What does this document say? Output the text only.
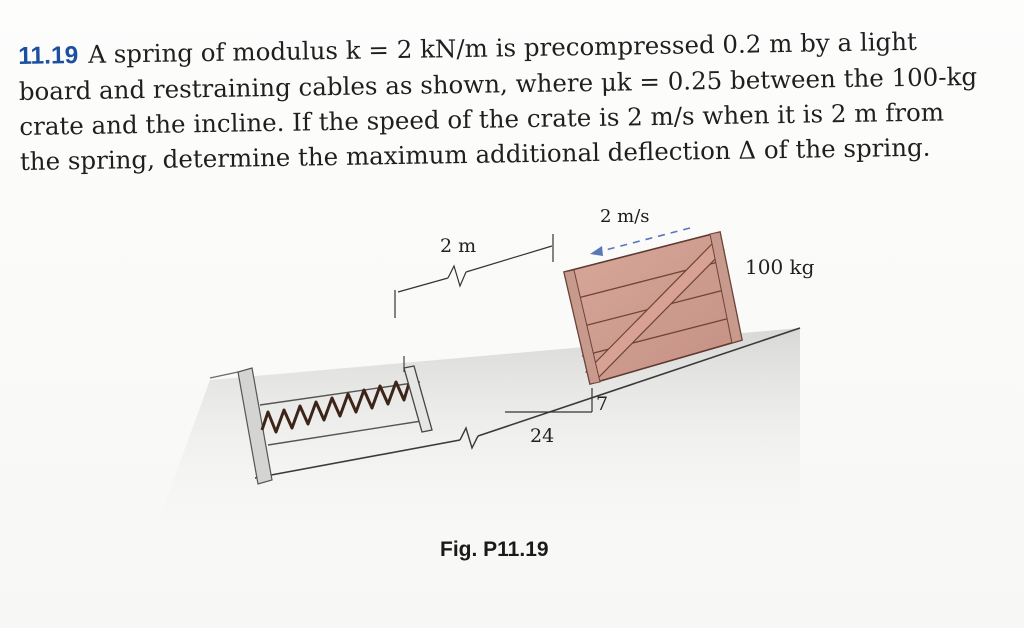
11.19 A spring of modulus k = 2 kN/m is precompressed 0.2 m by a light
board and restraining cables as shown, where μk = 0.25 between the 100-kg
crate and the incline. If the speed of the crate is 2 m/s when it is 2 m from
the spring, determine the maximum additional deflection Δ of the spring.
2 m
2 m/s
100 kg
24
7
Fig. P11.19
